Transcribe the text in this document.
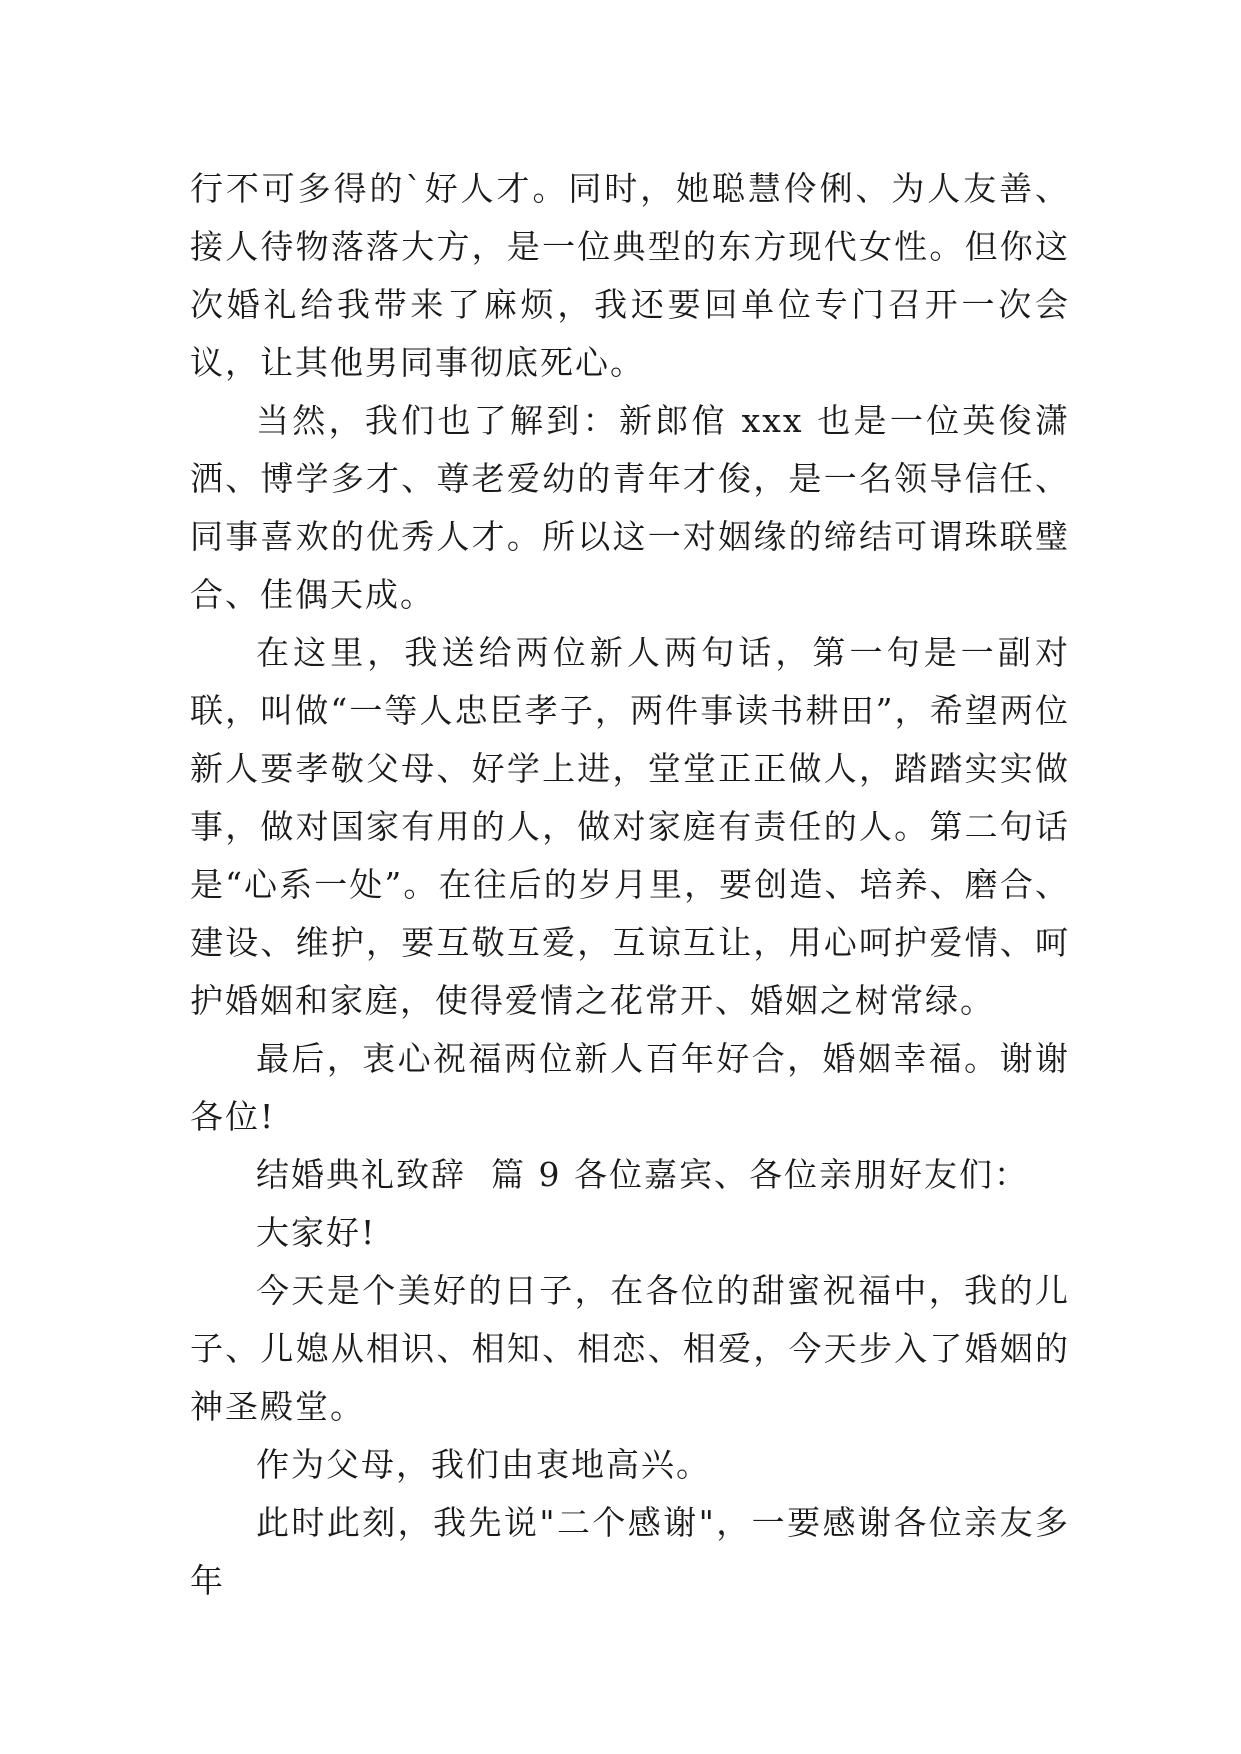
行不可多得的`好人才。同时，她聪慧伶俐、为人友善、接人待物落落大方，是一位典型的东方现代女性。但你这次婚礼给我带来了麻烦，我还要回单位专门召开一次会议，让其他男同事彻底死心。

当然，我们也了解到：新郎倌 xxx 也是一位英俊潇洒、博学多才、尊老爱幼的青年才俊，是一名领导信任、同事喜欢的优秀人才。所以这一对姻缘的缔结可谓珠联璧合、佳偶天成。

在这里，我送给两位新人两句话，第一句是一副对联，叫做“一等人忠臣孝子，两件事读书耕田”，希望两位新人要孝敬父母、好学上进，堂堂正正做人，踏踏实实做事，做对国家有用的人，做对家庭有责任的人。第二句话是“心系一处”。在往后的岁月里，要创造、培养、磨合、建设、维护，要互敬互爱，互谅互让，用心呵护爱情、呵护婚姻和家庭，使得爱情之花常开、婚姻之树常绿。

最后，衷心祝福两位新人百年好合，婚姻幸福。谢谢各位!

结婚典礼致辞  篇 9 各位嘉宾、各位亲朋好友们：

大家好!

今天是个美好的日子，在各位的甜蜜祝福中，我的儿子、儿媳从相识、相知、相恋、相爱，今天步入了婚姻的神圣殿堂。

作为父母，我们由衷地高兴。

此时此刻，我先说"二个感谢"，一要感谢各位亲友多年
